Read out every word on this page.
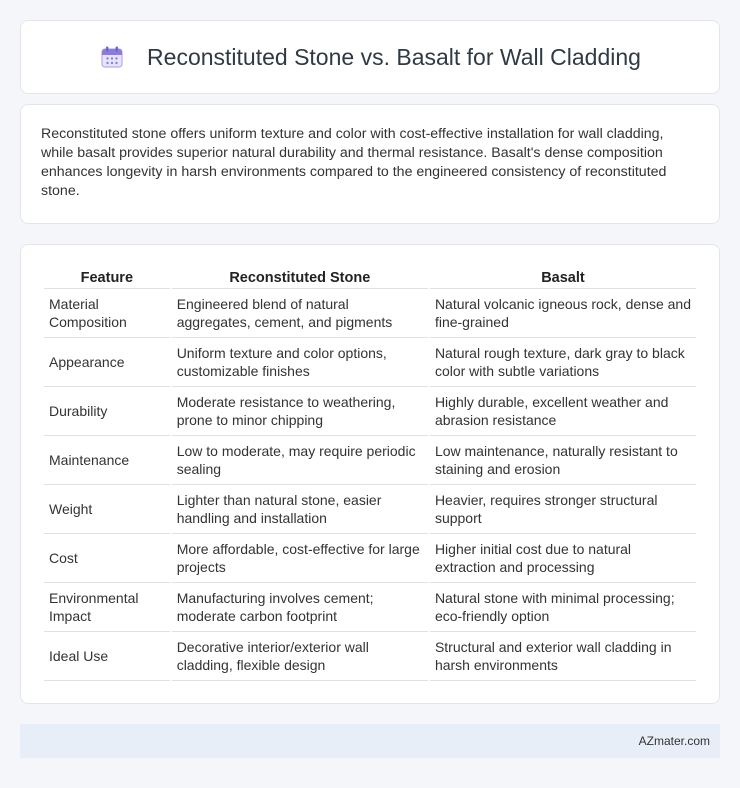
Reconstituted Stone vs. Basalt for Wall Cladding

Reconstituted stone offers uniform texture and color with cost-effective installation for wall cladding, while basalt provides superior natural durability and thermal resistance. Basalt's dense composition enhances longevity in harsh environments compared to the engineered consistency of reconstituted stone.

Feature	Reconstituted Stone	Basalt
Material Composition	Engineered blend of natural aggregates, cement, and pigments	Natural volcanic igneous rock, dense and fine-grained
Appearance	Uniform texture and color options, customizable finishes	Natural rough texture, dark gray to black color with subtle variations
Durability	Moderate resistance to weathering, prone to minor chipping	Highly durable, excellent weather and abrasion resistance
Maintenance	Low to moderate, may require periodic sealing	Low maintenance, naturally resistant to staining and erosion
Weight	Lighter than natural stone, easier handling and installation	Heavier, requires stronger structural support
Cost	More affordable, cost-effective for large projects	Higher initial cost due to natural extraction and processing
Environmental Impact	Manufacturing involves cement; moderate carbon footprint	Natural stone with minimal processing; eco-friendly option
Ideal Use	Decorative interior/exterior wall cladding, flexible design	Structural and exterior wall cladding in harsh environments
AZmater.com
